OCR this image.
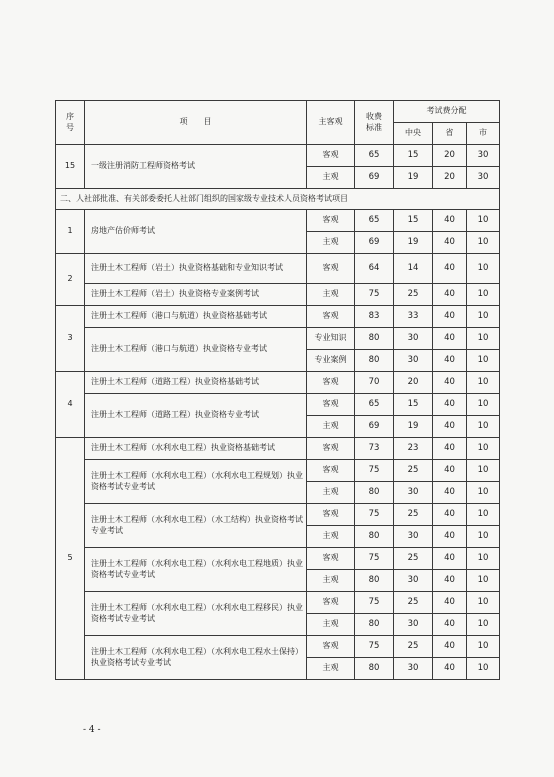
序
号	项　　目	主客观	收费
标准	考试费分配		
				中央	省	市
15	一级注册消防工程师资格考试	客观	65	15	20	30
		主观	69	19	20	30
二、人社部批准、有关部委委托人社部门组织的国家级专业技术人员资格考试项目						
1	房地产估价师考试	客观	65	15	40	10
		主观	69	19	40	10
2	注册土木工程师（岩土）执业资格基础和专业知识考试	客观	64	14	40	10
	注册土木工程师（岩土）执业资格专业案例考试	主观	75	25	40	10
3	注册土木工程师（港口与航道）执业资格基础考试	客观	83	33	40	10
	注册土木工程师（港口与航道）执业资格专业考试	专业知识	80	30	40	10
		专业案例	80	30	40	10
4	注册土木工程师（道路工程）执业资格基础考试	客观	70	20	40	10
	注册土木工程师（道路工程）执业资格专业考试	客观	65	15	40	10
		主观	69	19	40	10
5	注册土木工程师（水利水电工程）执业资格基础考试	客观	73	23	40	10
	注册土木工程师（水利水电工程）（水利水电工程规划）执业资格考试专业考试	客观	75	25	40	10
		主观	80	30	40	10
	注册土木工程师（水利水电工程）（水工结构）执业资格考试专业考试	客观	75	25	40	10
		主观	80	30	40	10
	注册土木工程师（水利水电工程）（水利水电工程地质）执业资格考试专业考试	客观	75	25	40	10
		主观	80	30	40	10
	注册土木工程师（水利水电工程）（水利水电工程移民）执业资格考试专业考试	客观	75	25	40	10
		主观	80	30	40	10
	注册土木工程师（水利水电工程）（水利水电工程水土保持）执业资格考试专业考试	客观	75	25	40	10
		主观	80	30	40	10
- 4 -
